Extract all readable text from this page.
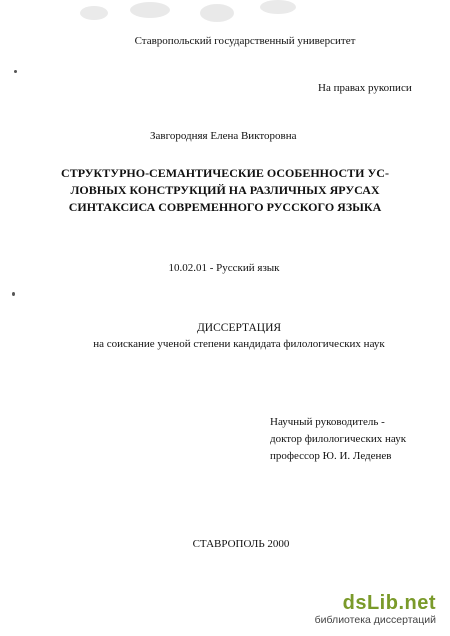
Ставропольский государственный университет
На правах рукописи
Завгородняя Елена Викторовна
СТРУКТУРНО-СЕМАНТИЧЕСКИЕ ОСОБЕННОСТИ УС-
ЛОВНЫХ КОНСТРУКЦИЙ НА РАЗЛИЧНЫХ ЯРУСАХ
СИНТАКСИСА СОВРЕМЕННОГО РУССКОГО ЯЗЫКА
10.02.01 - Русский язык
ДИССЕРТАЦИЯ
на соискание ученой степени кандидата филологических наук
Научный руководитель -
доктор филологических наук
профессор Ю. И. Леденев
СТАВРОПОЛЬ 2000
dsLib.net
библиотека диссертаций
